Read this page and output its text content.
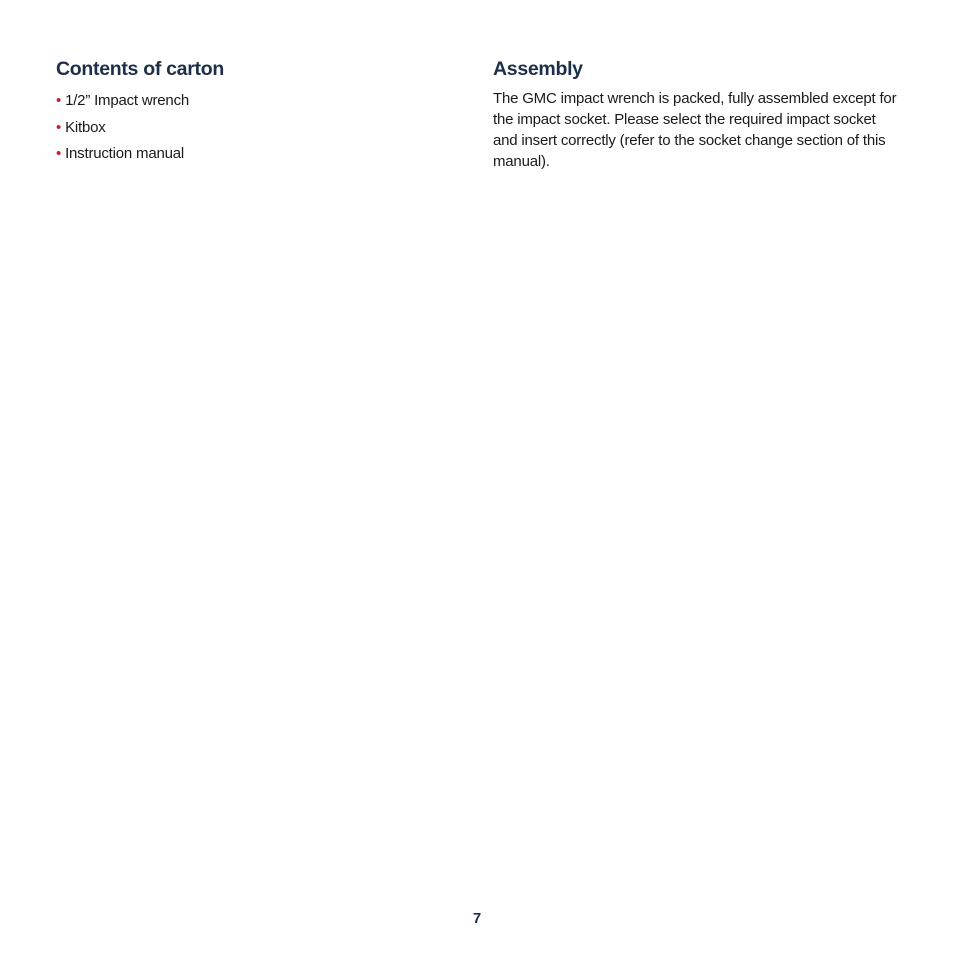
Contents of carton
• 1/2” Impact wrench
• Kitbox
• Instruction manual
Assembly

The GMC impact wrench is packed, fully assembled except for the impact socket. Please select the required impact socket and insert correctly (refer to the socket change section of this manual).

7
